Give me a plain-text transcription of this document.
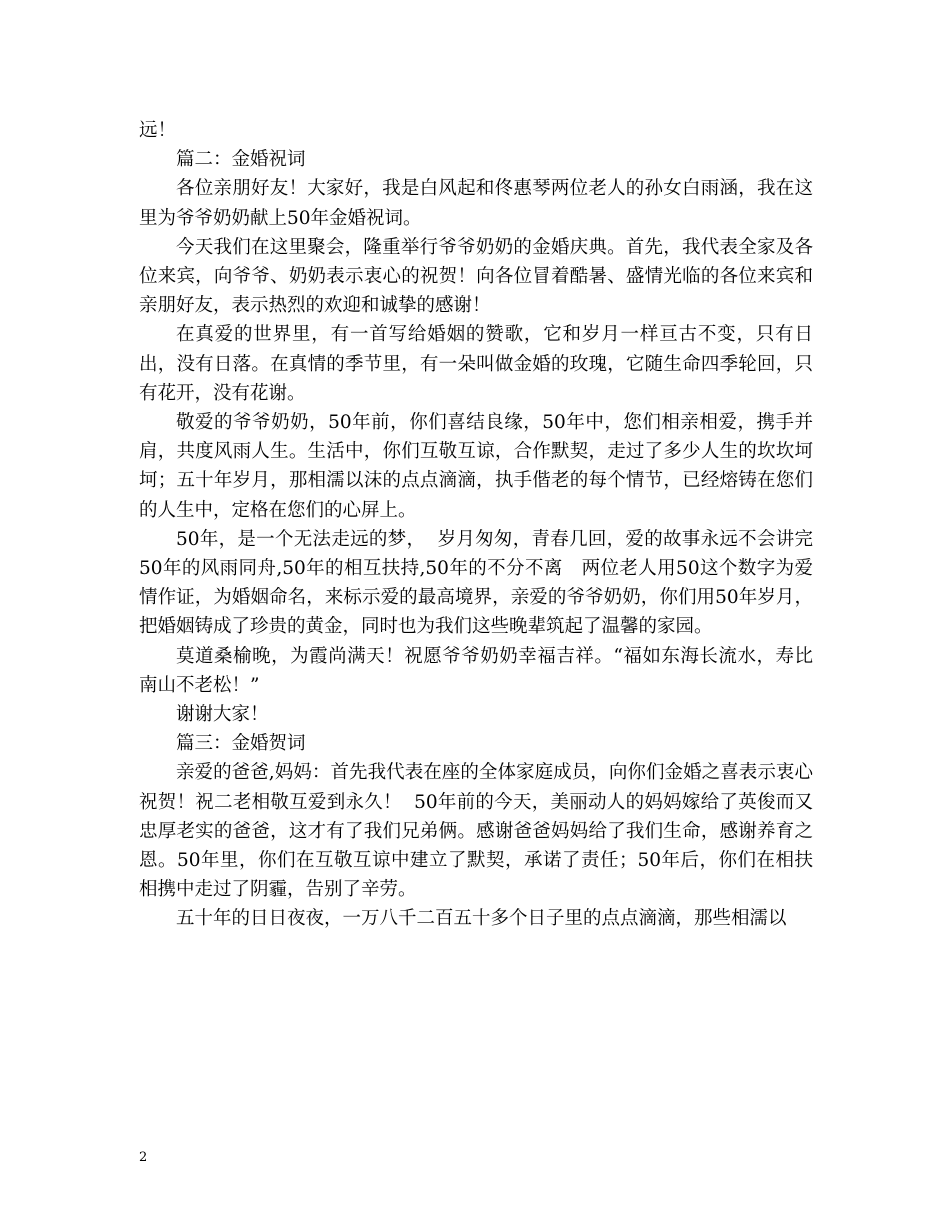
远！

篇二：金婚祝词

各位亲朋好友！大家好，我是白风起和佟惠琴两位老人的孙女白雨涵，我在这里为爷爷奶奶献上50年金婚祝词。

今天我们在这里聚会，隆重举行爷爷奶奶的金婚庆典。首先，我代表全家及各位来宾，向爷爷、奶奶表示衷心的祝贺！向各位冒着酷暑、盛情光临的各位来宾和亲朋好友，表示热烈的欢迎和诚挚的感谢！

在真爱的世界里，有一首写给婚姻的赞歌，它和岁月一样亘古不变，只有日出，没有日落。在真情的季节里，有一朵叫做金婚的玫瑰，它随生命四季轮回，只有花开，没有花谢。

敬爱的爷爷奶奶，50年前，你们喜结良缘，50年中，您们相亲相爱，携手并肩，共度风雨人生。生活中，你们互敬互谅，合作默契，走过了多少人生的坎坎坷坷；五十年岁月，那相濡以沫的点点滴滴，执手偕老的每个情节，已经熔铸在您们的人生中，定格在您们的心屏上。

50年，是一个无法走远的梦，  岁月匆匆，青春几回，爱的故事永远不会讲完   50年的风雨同舟,50年的相互扶持,50年的不分不离   两位老人用50这个数字为爱情作证，为婚姻命名，来标示爱的最高境界，亲爱的爷爷奶奶，你们用50年岁月，把婚姻铸成了珍贵的黄金，同时也为我们这些晚辈筑起了温馨的家园。

莫道桑榆晚，为霞尚满天！祝愿爷爷奶奶幸福吉祥。“福如东海长流水，寿比南山不老松！”

谢谢大家！

篇三：金婚贺词

亲爱的爸爸,妈妈：首先我代表在座的全体家庭成员，向你们金婚之喜表示衷心祝贺！祝二老相敬互爱到永久！  50年前的今天，美丽动人的妈妈嫁给了英俊而又忠厚老实的爸爸，这才有了我们兄弟俩。感谢爸爸妈妈给了我们生命，感谢养育之恩。50年里，你们在互敬互谅中建立了默契，承诺了责任；50年后，你们在相扶相携中走过了阴霾，告别了辛劳。

五十年的日日夜夜，一万八千二百五十多个日子里的点点滴滴，那些相濡以

2
